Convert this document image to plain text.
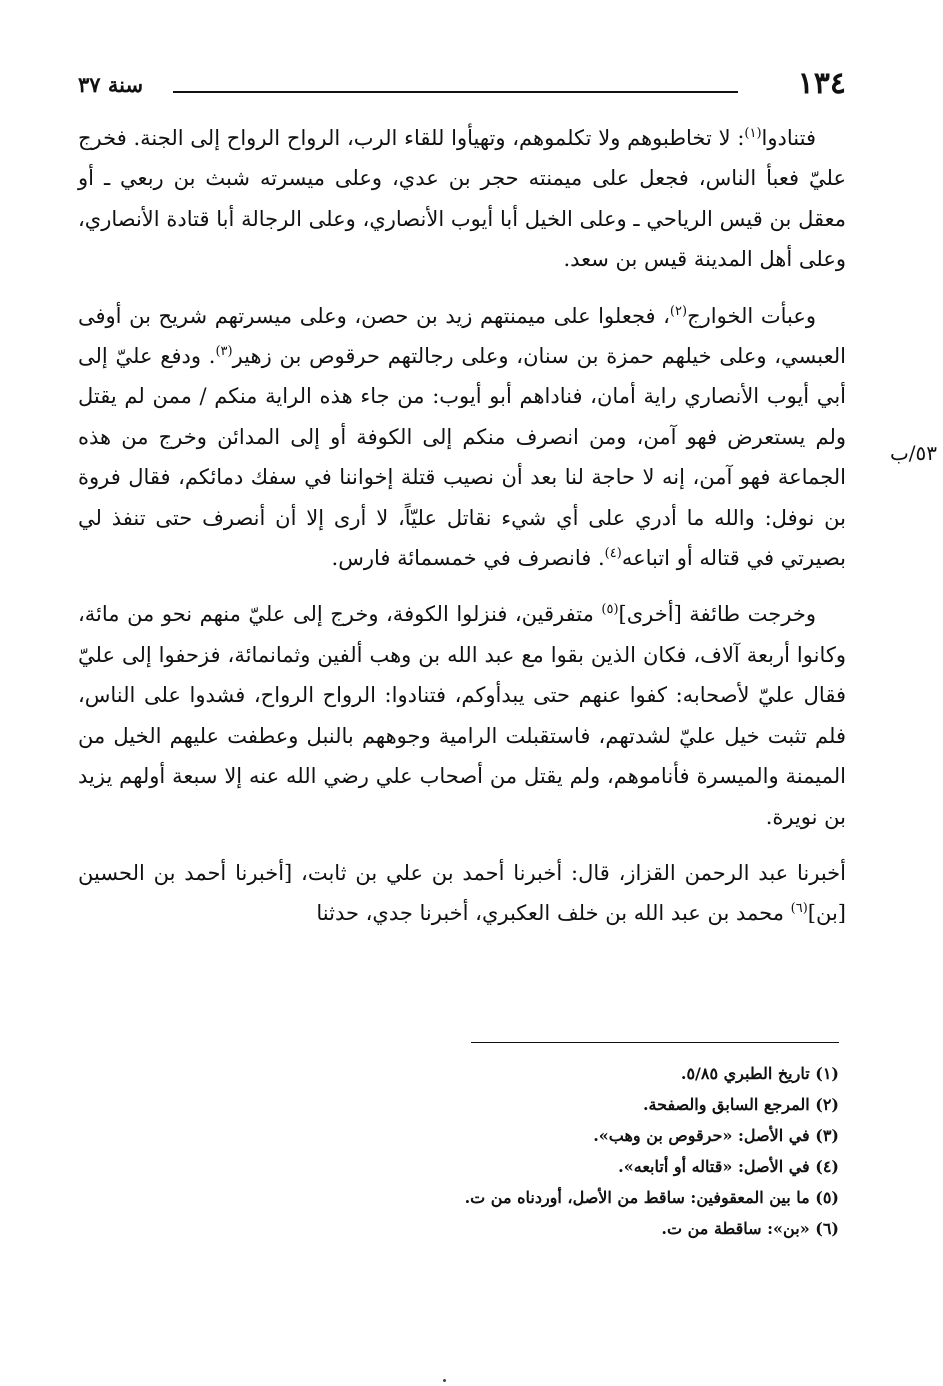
١٣٤
سنة ٣٧
٥٣/ب

فتنادوا$^{(١)}$: لا تخاطبوهم ولا تكلموهم، وتهيأوا للقاء الرب، الرواح الرواح إلى الجنة. فخرج عليّ فعبأ الناس، فجعل على ميمنته حجر بن عدي، وعلى ميسرته شبث بن ربعي ـ أو معقل بن قيس الرياحي ـ وعلى الخيل أبا أيوب الأنصاري، وعلى الرجالة أبا قتادة الأنصاري، وعلى أهل المدينة قيس بن سعد.

وعبأت الخوارج$^{(٢)}$، فجعلوا على ميمنتهم زيد بن حصن، وعلى ميسرتهم شريح بن أوفى العبسي، وعلى خيلهم حمزة بن سنان، وعلى رجالتهم حرقوص بن زهير$^{(٣)}$. ودفع عليّ إلى أبي أيوب الأنصاري راية أمان، فناداهم أبو أيوب: من جاء هذه الراية منكم / ممن لم يقتل ولم يستعرض فهو آمن، ومن انصرف منكم إلى الكوفة أو إلى المدائن وخرج من هذه الجماعة فهو آمن، إنه لا حاجة لنا بعد أن نصيب قتلة إخواننا في سفك دمائكم، فقال فروة بن نوفل: والله ما أدري على أي شيء نقاتل عليّاً، لا أرى إلا أن أنصرف حتى تنفذ لي بصيرتي في قتاله أو اتباعه$^{(٤)}$. فانصرف في خمسمائة فارس.

وخرجت طائفة [أخرى]$^{(٥)}$ متفرقين، فنزلوا الكوفة، وخرج إلى عليّ منهم نحو من مائة، وكانوا أربعة آلاف، فكان الذين بقوا مع عبد الله بن وهب ألفين وثمانمائة، فزحفوا إلى عليّ فقال عليّ لأصحابه: كفوا عنهم حتى يبدأوكم، فتنادوا: الرواح الرواح، فشدوا على الناس، فلم تثبت خيل عليّ لشدتهم، فاستقبلت الرامية وجوههم بالنبل وعطفت عليهم الخيل من الميمنة والميسرة فأناموهم، ولم يقتل من أصحاب علي رضي الله عنه إلا سبعة أولهم يزيد بن نويرة.

أخبرنا عبد الرحمن القزاز، قال: أخبرنا أحمد بن علي بن ثابت، [أخبرنا أحمد بن الحسين [بن]$^{(٦)}$ محمد بن عبد الله بن خلف العكبري، أخبرنا جدي، حدثنا

(١) تاريخ الطبري ٥/٨٥.
(٢) المرجع السابق والصفحة.
(٣) في الأصل: «حرقوص بن وهب».
(٤) في الأصل: «قتاله أو أتابعه».
(٥) ما بين المعقوفين: ساقط من الأصل، أوردناه من ت.
(٦) «بن»: ساقطة من ت.
